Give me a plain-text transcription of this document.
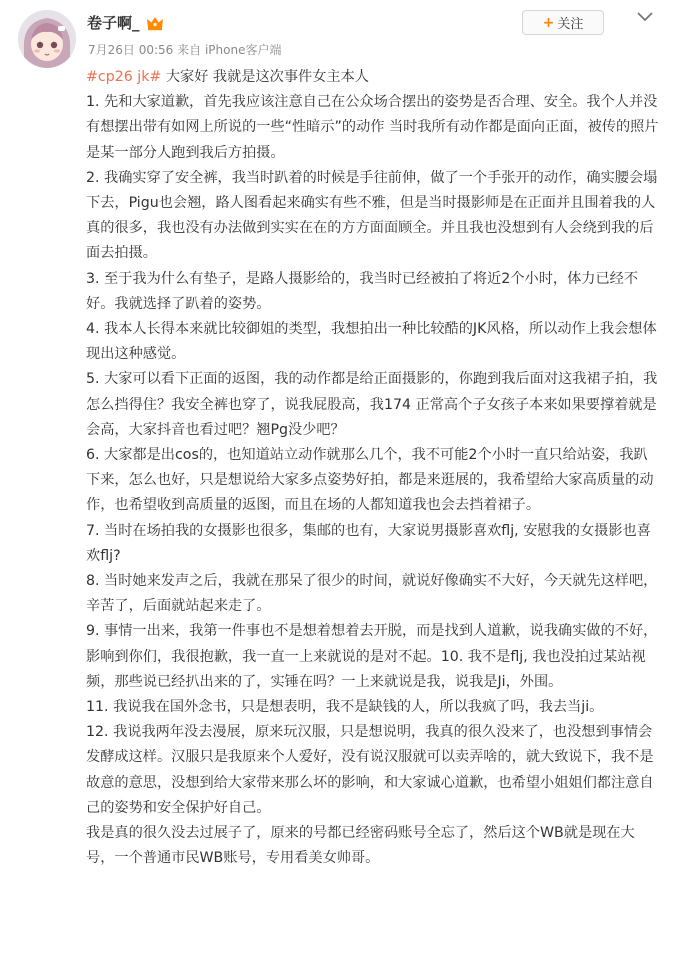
卷子啊_
7月26日 00:56 来自 iPhone客户端
+ 关注

#cp26 jk# 大家好 我就是这次事件女主本人

1. 先和大家道歉，首先我应该注意自己在公众场合摆出的姿势是否合理、安全。我个人并没有想摆出带有如网上所说的一些“性暗示”的动作 当时我所有动作都是面向正面，被传的照片是某一部分人跑到我后方拍摄。

2. 我确实穿了安全裤，我当时趴着的时候是手往前伸，做了一个手张开的动作，确实腰会塌下去，Pigu也会翘，路人图看起来确实有些不雅，但是当时摄影师是在正面并且围着我的人真的很多，我也没有办法做到实实在在的方方面面顾全。并且我也没想到有人会绕到我的后面去拍摄。

3. 至于我为什么有垫子，是路人摄影给的，我当时已经被拍了将近2个小时，体力已经不好。我就选择了趴着的姿势。

4. 我本人长得本来就比较御姐的类型，我想拍出一种比较酷的JK风格，所以动作上我会想体现出这种感觉。

5. 大家可以看下正面的返图，我的动作都是给正面摄影的，你跑到我后面对这我裙子拍，我怎么挡得住？我安全裤也穿了，说我屁股高，我174 正常高个子女孩子本来如果要撑着就是会高，大家抖音也看过吧？翘Pg没少吧？

6. 大家都是出cos的，也知道站立动作就那么几个，我不可能2个小时一直只给站姿，我趴下来，怎么也好，只是想说给大家多点姿势好拍，都是来逛展的，我希望给大家高质量的动作，也希望收到高质量的返图，而且在场的人都知道我也会去挡着裙子。

7. 当时在场拍我的女摄影也很多，集邮的也有，大家说男摄影喜欢flj, 安慰我的女摄影也喜欢flj?

8. 当时她来发声之后，我就在那呆了很少的时间，就说好像确实不大好，今天就先这样吧，辛苦了，后面就站起来走了。

9. 事情一出来，我第一件事也不是想着想着去开脱，而是找到人道歉，说我确实做的不好，影响到你们，我很抱歉，我一直一上来就说的是对不起。10. 我不是flj, 我也没拍过某站视频，那些说已经扒出来的了，实锤在吗？一上来就说是我，说我是Ji，外围。

11. 我说我在国外念书，只是想表明，我不是缺钱的人，所以我疯了吗，我去当ji。

12. 我说我两年没去漫展，原来玩汉服，只是想说明，我真的很久没来了，也没想到事情会发酵成这样。汉服只是我原来个人爱好，没有说汉服就可以卖弄啥的，就大致说下，我不是故意的意思，没想到给大家带来那么坏的影响，和大家诚心道歉，也希望小姐姐们都注意自己的姿势和安全保护好自己。

我是真的很久没去过展子了，原来的号都已经密码账号全忘了，然后这个WB就是现在大号，一个普通市民WB账号，专用看美女帅哥。
